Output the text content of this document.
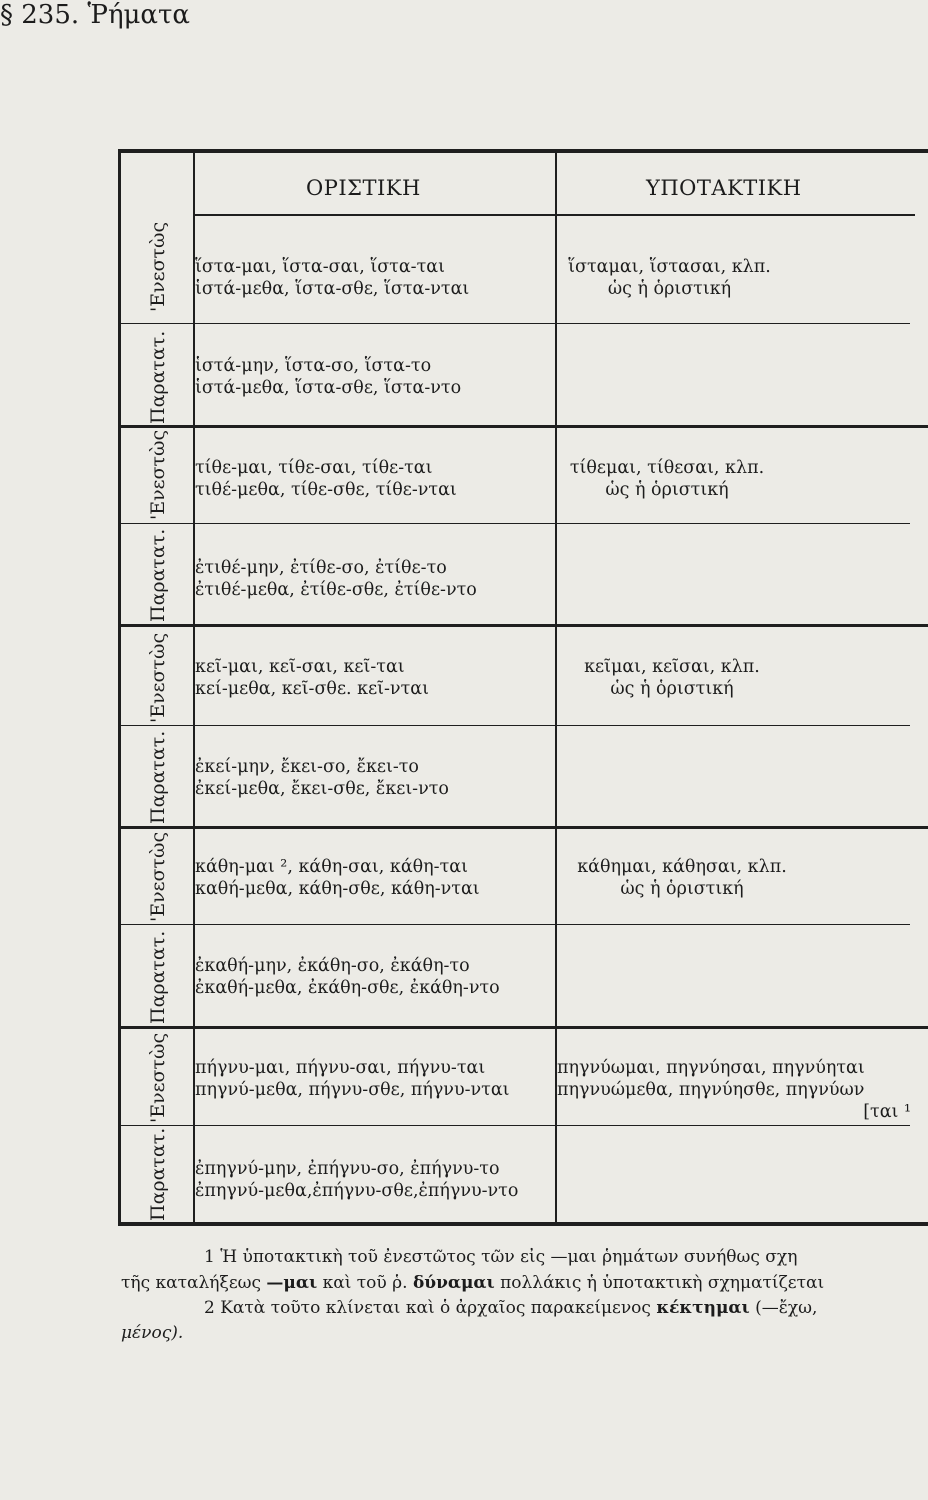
§ 235. Ῥήματα
ΟΡΙΣΤΙΚΗ	ΥΠΟΤΑΚΤΙΚΗ
'Ενεστὼς
Παρατατ.
'Ενεστὼς
Παρατατ.
'Ενεστὼς
Παρατατ.
'Ενεστὼς
Παρατατ.
'Ενεστὼς
Παρατατ.
ἵστα-μαι, ἵστα-σαι, ἵστα-ται
ἱστά-μεθα, ἵστα-σθε, ἵστα-νται
ἵσταμαι, ἵστασαι, κλπ.
ὡς ἡ ὁριστική
ἱστά-μην, ἵστα-σο, ἵστα-το
ἱστά-μεθα, ἵστα-σθε, ἵστα-ντο
τίθε-μαι, τίθε-σαι, τίθε-ται
τιθέ-μεθα, τίθε-σθε, τίθε-νται
τίθεμαι, τίθεσαι, κλπ.
ὡς ἡ ὁριστική
ἐτιθέ-μην, ἐτίθε-σο, ἐτίθε-το
ἐτιθέ-μεθα, ἐτίθε-σθε, ἐτίθε-ντο
κεῖ-μαι, κεῖ-σαι, κεῖ-ται
κεί-μεθα, κεῖ-σθε. κεῖ-νται
κεῖμαι, κεῖσαι, κλπ.
ὡς ἡ ὁριστική
ἐκεί-μην, ἔκει-σο, ἔκει-το
ἐκεί-μεθα, ἔκει-σθε, ἔκει-ντο
κάθη-μαι ², κάθη-σαι, κάθη-ται
καθή-μεθα, κάθη-σθε, κάθη-νται
κάθημαι, κάθησαι, κλπ.
ὡς ἡ ὁριστική
ἐκαθή-μην, ἐκάθη-σο, ἐκάθη-το
ἐκαθή-μεθα, ἐκάθη-σθε, ἐκάθη-ντο
πήγνυ-μαι, πήγνυ-σαι, πήγνυ-ται
πηγνύ-μεθα, πήγνυ-σθε, πήγνυ-νται
πηγνύωμαι, πηγνύησαι, πηγνύηται
πηγνυώμεθα, πηγνύησθε, πηγνύων
[ται ¹
ἐπηγνύ-μην, ἐπήγνυ-σο, ἐπήγνυ-το
ἐπηγνύ-μεθα,ἐπήγνυ-σθε,ἐπήγνυ-ντο
1 Ἡ ὑποτακτικὴ τοῦ ἐνεστῶτος τῶν εἰς —μαι ῥημάτων συνήθως σχη
τῆς καταλήξεως —μαι καὶ τοῦ ῥ. δύναμαι πολλάκις ἡ ὑποτακτικὴ σχηματίζεται
2 Κατὰ τοῦτο κλίνεται καὶ ὁ ἀρχαῖος παρακείμενος κέκτημαι (—ἔχω,
μένος).
